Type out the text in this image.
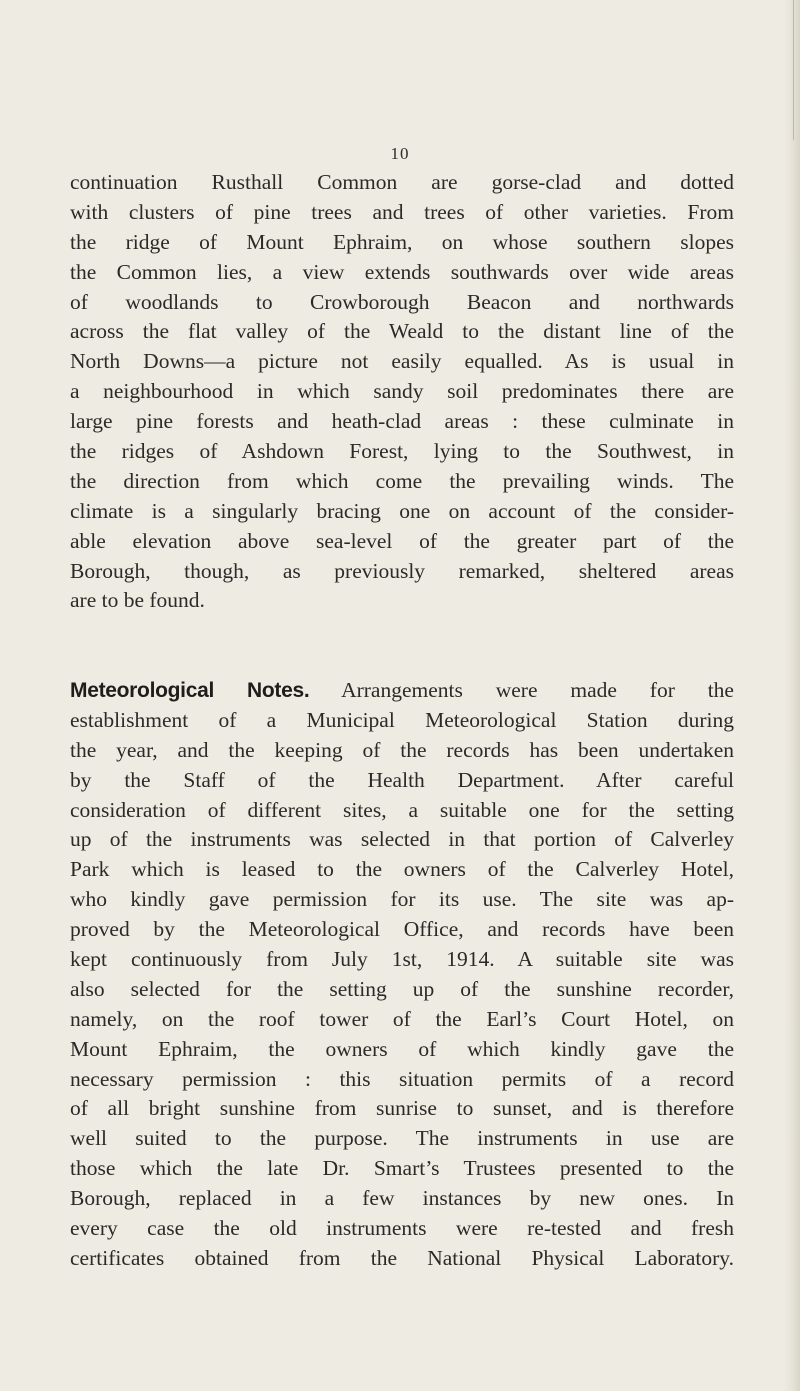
10
continuation Rusthall Common are gorse-clad and dotted
with clusters of pine trees and trees of other varieties. From
the ridge of Mount Ephraim, on whose southern slopes
the Common lies, a view extends southwards over wide areas
of woodlands to Crowborough Beacon and northwards
across the flat valley of the Weald to the distant line of the
North Downs—a picture not easily equalled. As is usual in
a neighbourhood in which sandy soil predominates there are
large pine forests and heath-clad areas : these culminate in
the ridges of Ashdown Forest, lying to the Southwest, in
the direction from which come the prevailing winds. The
climate is a singularly bracing one on account of the consider-
able elevation above sea-level of the greater part of the
Borough, though, as previously remarked, sheltered areas
are to be found.
Meteorological Notes. Arrangements were made for the
establishment of a Municipal Meteorological Station during
the year, and the keeping of the records has been undertaken
by the Staff of the Health Department. After careful
consideration of different sites, a suitable one for the setting
up of the instruments was selected in that portion of Calverley
Park which is leased to the owners of the Calverley Hotel,
who kindly gave permission for its use. The site was ap-
proved by the Meteorological Office, and records have been
kept continuously from July 1st, 1914. A suitable site was
also selected for the setting up of the sunshine recorder,
namely, on the roof tower of the Earl’s Court Hotel, on
Mount Ephraim, the owners of which kindly gave the
necessary permission : this situation permits of a record
of all bright sunshine from sunrise to sunset, and is therefore
well suited to the purpose. The instruments in use are
those which the late Dr. Smart’s Trustees presented to the
Borough, replaced in a few instances by new ones. In
every case the old instruments were re-tested and fresh
certificates obtained from the National Physical Laboratory.
